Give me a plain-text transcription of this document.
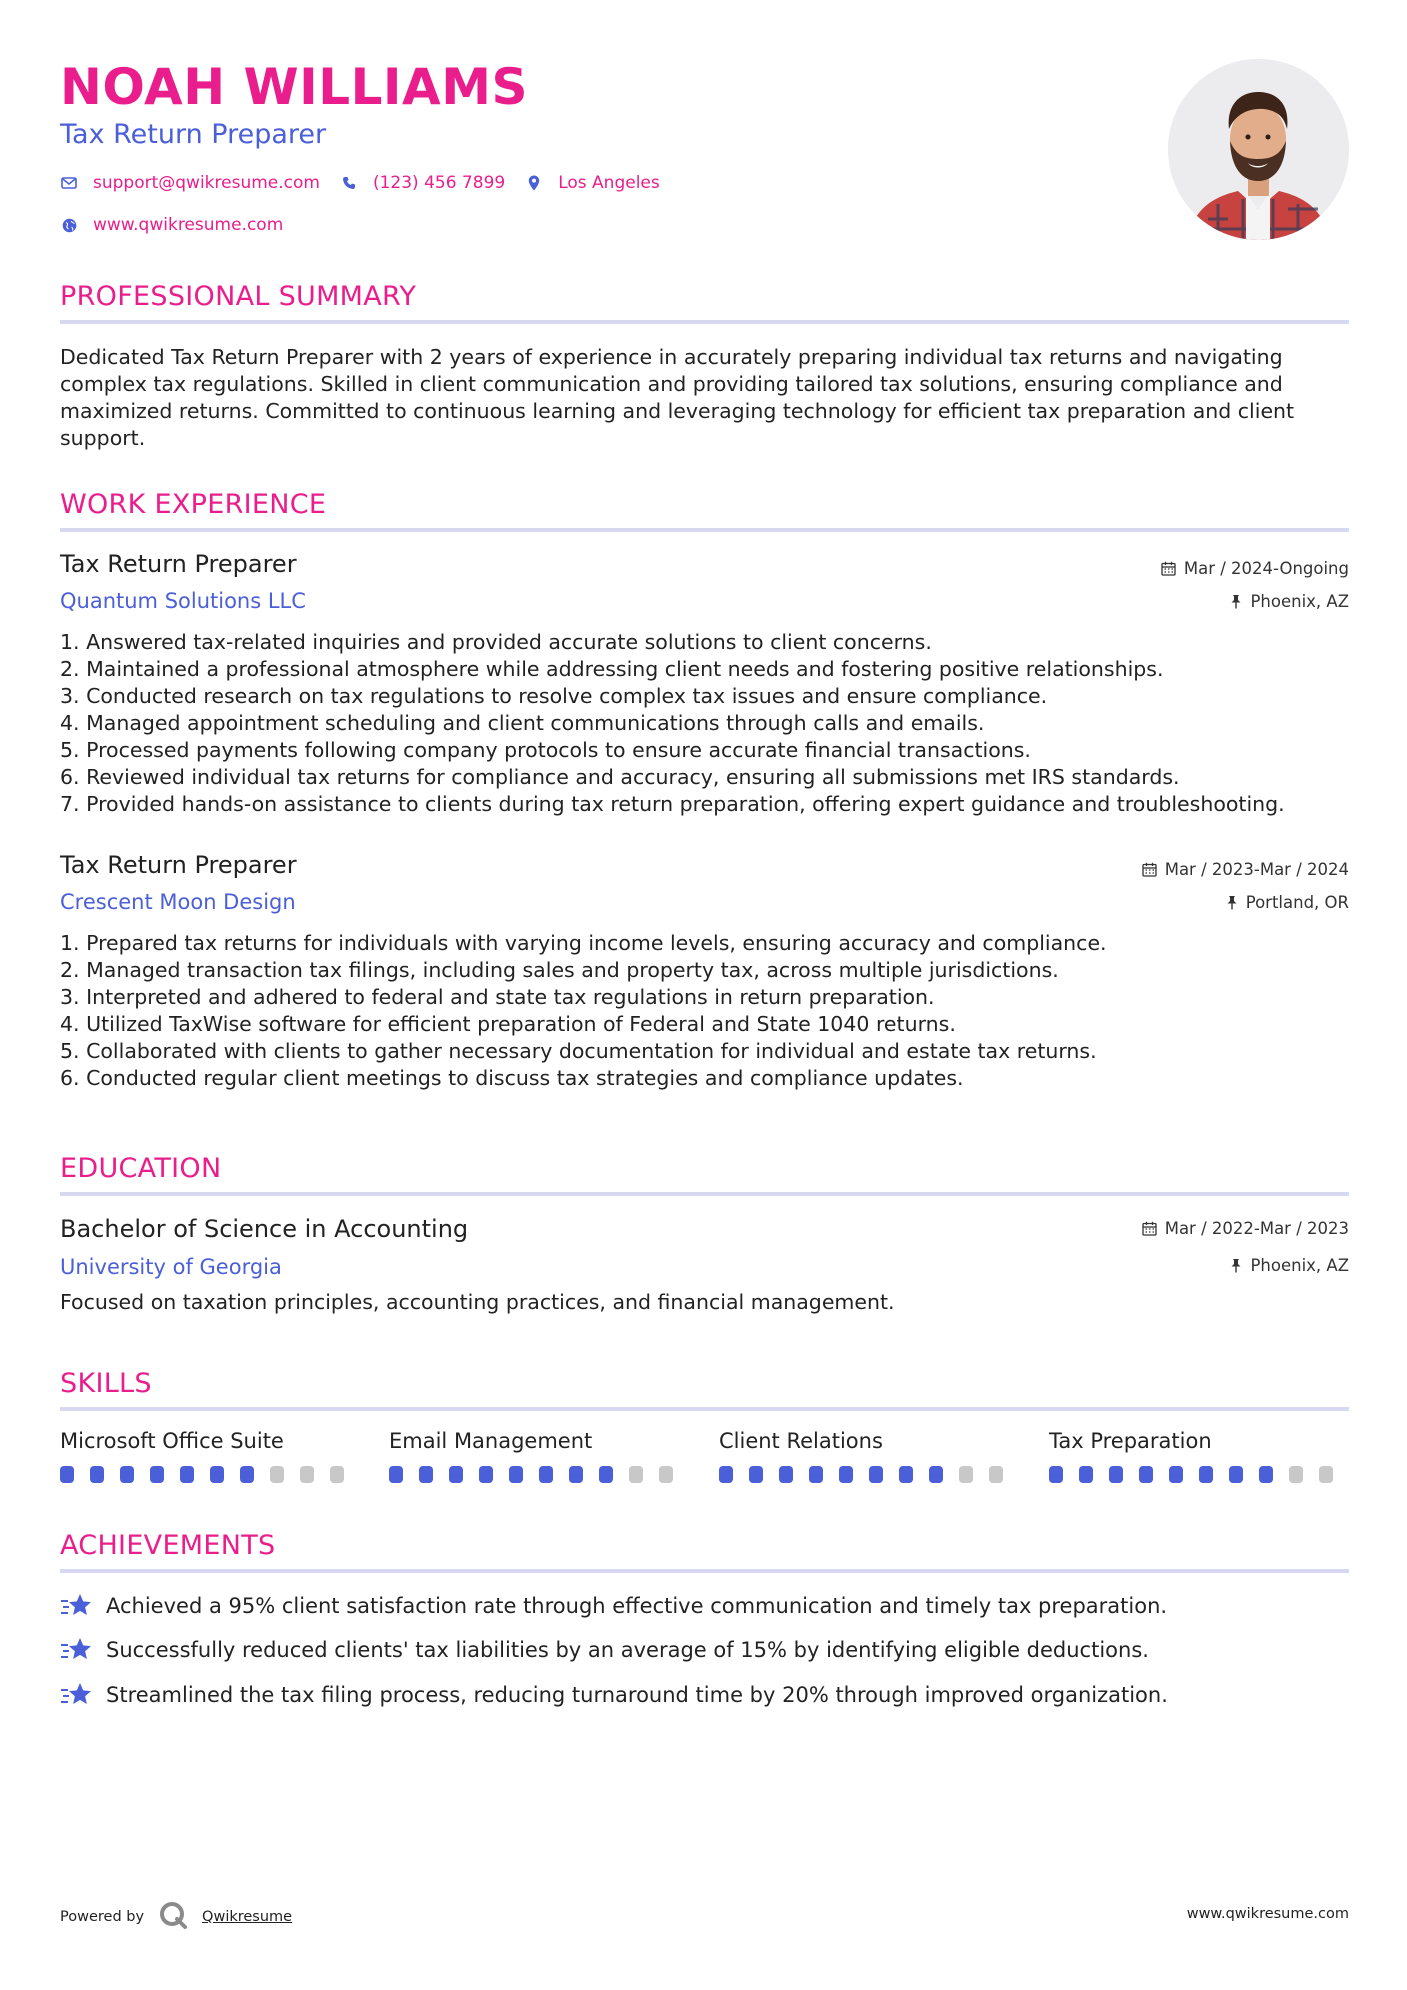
NOAH WILLIAMS
Tax Return Preparer
support@qwikresume.com	(123) 456 7899	Los Angeles
www.qwikresume.com
PROFESSIONAL SUMMARY
Dedicated Tax Return Preparer with 2 years of experience in accurately preparing individual tax returns and navigating
complex tax regulations. Skilled in client communication and providing tailored tax solutions, ensuring compliance and
maximized returns. Committed to continuous learning and leveraging technology for efficient tax preparation and client
support.
WORK EXPERIENCE
Tax Return Preparer
Quantum Solutions LLC
Mar / 2024-Ongoing
Phoenix, AZ
1. Answered tax-related inquiries and provided accurate solutions to client concerns.
2. Maintained a professional atmosphere while addressing client needs and fostering positive relationships.
3. Conducted research on tax regulations to resolve complex tax issues and ensure compliance.
4. Managed appointment scheduling and client communications through calls and emails.
5. Processed payments following company protocols to ensure accurate financial transactions.
6. Reviewed individual tax returns for compliance and accuracy, ensuring all submissions met IRS standards.
7. Provided hands-on assistance to clients during tax return preparation, offering expert guidance and troubleshooting.
Tax Return Preparer
Crescent Moon Design
Mar / 2023-Mar / 2024
Portland, OR
1. Prepared tax returns for individuals with varying income levels, ensuring accuracy and compliance.
2. Managed transaction tax filings, including sales and property tax, across multiple jurisdictions.
3. Interpreted and adhered to federal and state tax regulations in return preparation.
4. Utilized TaxWise software for efficient preparation of Federal and State 1040 returns.
5. Collaborated with clients to gather necessary documentation for individual and estate tax returns.
6. Conducted regular client meetings to discuss tax strategies and compliance updates.
EDUCATION
Bachelor of Science in Accounting
University of Georgia
Mar / 2022-Mar / 2023
Phoenix, AZ
Focused on taxation principles, accounting practices, and financial management.
SKILLS
Microsoft Office Suite	Email Management	Client Relations	Tax Preparation
ACHIEVEMENTS
Achieved a 95% client satisfaction rate through effective communication and timely tax preparation.
Successfully reduced clients' tax liabilities by an average of 15% by identifying eligible deductions.
Streamlined the tax filing process, reducing turnaround time by 20% through improved organization.
Powered by	Qwikresume	www.qwikresume.com
